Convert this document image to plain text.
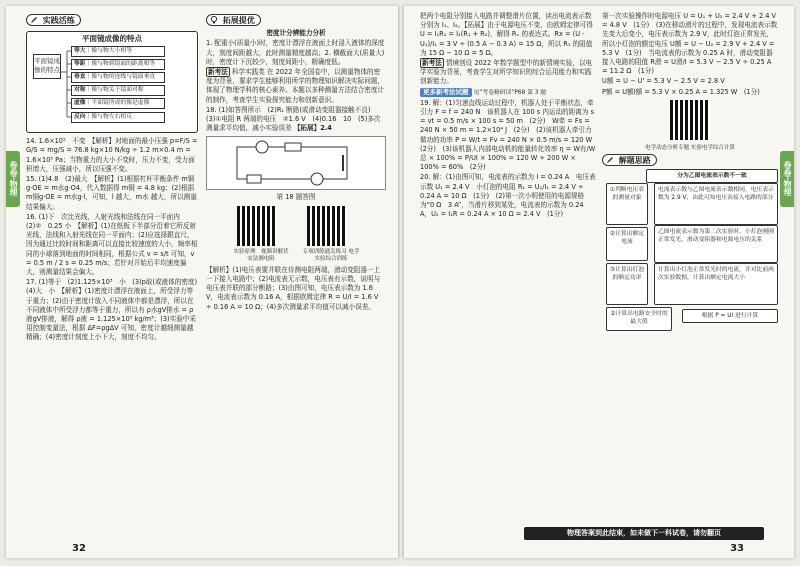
卷卷·物理
实践活练
平面镜成像的特点
平面镜成像的特点
等大｜像与物大小相等
等距｜像与物到镜面的距离相等
垂直｜像与物的连线与镜面垂直
对称｜像与物关于镜面对称
虚像｜平面镜所成的像是虚像
反向｜像与物左右相反

14. 1.6×10⁵　不变　【解析】对地面的最小压强 p=F/S = G/S = mg/S = 76.8 kg×10 N/kg ÷ 1.2 m×0.4 m = 1.6×10⁵ Pa；当物重力的大小不变时，压力不变，受力面积增大，压强减小，所以压强不变。

15. (1)4.8　(2)最大　【解析】(1)根据杠杆平衡条件 m铜g·OE = m水g·O4，代入数据得 m铜 = 4.8 kg；(2)根据 m铜g·OE = m水g·l，可知，l 越大，m水 越大，所以测量结果偏大。

16. (1)下　次比光线，入射光线和法线在同一平面内　(2)②　0.25 小　【解析】(1)在纸板下半部分沿着它所反射光线，法线和入射光线在同一平面内；(2)应选择跟直尺，因为通过比较时间和距离可以直接比较速度的大小，频率相同的小球落到地面的时间相同，根据公式 v = s/t 可知，v = 0.5 m / 2 s = 0.25 m/s；若针对开始后平均速度偏大，则测量结果会偏大。

17. (1)等于　(2)1.125×10³　小　(3)p取(或液体的密度)　(4)大　小　【解析】(1)密度计漂浮在液面上，所受浮力等于重力；(2)由于密度计放入不同液体中都是漂浮，所以在不同液体中所受浮力都等于重力，所以有 ρ水gV排水 = ρ液gV排液，解得 ρ液 = 1.125×10³ kg/m³；(3)实验中采用控制变量法，根据 ΔF=ρgΔV 可知，密度计越细测量越精确；(4)密度计刻度上小下大，刻度不均匀。

拓展提优

密度计分辨能力分析

1. 配重小(质量小)时，密度计漂浮在液面上时浸入液体的深度大，刻度间距越大，此时测量精度越高；2. 横截面大(质量大)时，密度计下沉较少，刻度间距小，精确度低。

新考法 科学实践类 在 2022 年全国卷中，以测量物体的密度为背景，要求学生能够利用所学的物理知识解决实际问题，体现了物理学科的核心素养。本题以多种测量方法结合密度计的制作，考查学生实验探究能力和创新意识。

18. (1)如答图所示　(2)R₁ 断路(或滑动变阻器接触不良)　(3)①电阻 R 两端的电压　②1.6 V　(4)0.16　10　(5)多次测量求平均值，减小实验误差 【拓展】2.4

第 18 题答图

实验原理　视频讲解伏安法测电阻
专项训练通关练习 电学实验综合训练

【解析】(1)电压表要并联在待测电阻两端，滑动变阻器一上一下接入电路中；(2)电流表无示数，电压表有示数，说明与电压表并联的部分断路；(3)由图可知，电压表示数为 1.6 V，电流表示数为 0.16 A，根据欧姆定律 R = U/I = 1.6 V ÷ 0.16 A = 10 Ω；(4)多次测量求平均值可以减小误差。

32
卷卷·物理

把两个电阻分别接入电路并调整滑片位置，读出电流表示数分别为 I₁、I₂。【拓展】由于电源电压不变，由欧姆定律可得 U = I₁R₁ = I₂(R₁ + R₂)，解得 Rₓ 的表达式。Rx = (U - U₁)/I₁ = 3 V ÷ (0.5 A − 0.3 A) = 15 Ω，所以 R₁ 的阻值为 15 Ω − 10 Ω = 5 Ω。

新考法 情境创设 2022 年数学题型中的新情境实验，以电学实验为背景，考查学生对所学知识的综合运用能力和实践创新能力。

更多新考法试题 见“考卷精研读”P68 第 3 题

19. 解：(1)匀速直线运动过程中，机器人处于平衡状态，牵引力 F = f = 240 N　该机器人在 100 s 内运动的距离为 s = vt = 0.5 m/s × 100 s = 50 m　(2分)　W牵 = Fs = 240 N × 50 m = 1.2×10⁴ J　(2分)　(2)该机器人牵引力做功的功率 P = W/t = Fv = 240 N × 0.5 m/s = 120 W　(2分)　(3)该机器人内部电动机的能量转化效率 η = W有/W总 × 100% = P/UI × 100% = 120 W ÷ 200 W × 100% = 60%　(2分)

20. 解：(1)由图可知，电流表的示数为 I = 0.24 A　电压表示数 U₁ = 2.4 V　小灯泡的电阻 R₁ = U₁/I₁ = 2.4 V ÷ 0.24 A = 10 Ω　(1分)　(2)第一次小明使用的电源规格为“0 Ω　3 A”，当滑片移到某处，电流表的示数为 0.24 A，U₂ = I₁R = 0.24 A × 10 Ω = 2.4 V　(1分)

第一次实验操作时电源电压 U = U₁ + U₂ = 2.4 V + 2.4 V = 4.8 V　(1分)　(3)在移动滑片的过程中，发现电流表示数先变大后变小，电压表示数为 2.9 V，此时灯泡正常发光，所以小灯泡的额定电压 U额 = U − U₂ = 2.9 V + 2.4 V = 5.3 V　(1分)　当电流表的示数为 0.25 A 时，滑动变阻器接入电路的阻值 R滑 = U滑/I = 5.3 V − 2.5 V ÷ 0.25 A = 11.2 Ω　(1分)

U额 = U − U' = 5.3 V − 2.5 V = 2.8 V

P额 = U额I额 = 5.3 V × 0.25 A = 1.325 W　(1分)

电学动态分析专题 实验电学综合计算
解题思路
分为乙图电流表示数不一致
①判断电压表的测量对象
②计算出额定电流
③计算出灯泡的额定功率
电流表示数与乙图电流表示数相同，电压表示数为 2.9 V，由此可知电压表接入电路的部分
乙图电流表示数为第二次实验时，小灯泡刚刚正常发光，滑动变阻器和电源电压的关系
计算出小灯泡正常发光时的电流，并对比前两次实验数据，计算出额定电流大小
②计算出电路安全时的最大值
根据 P = UI 进行计算
物理答案到此结束，如未做下一科试卷，请勿翻页
33
